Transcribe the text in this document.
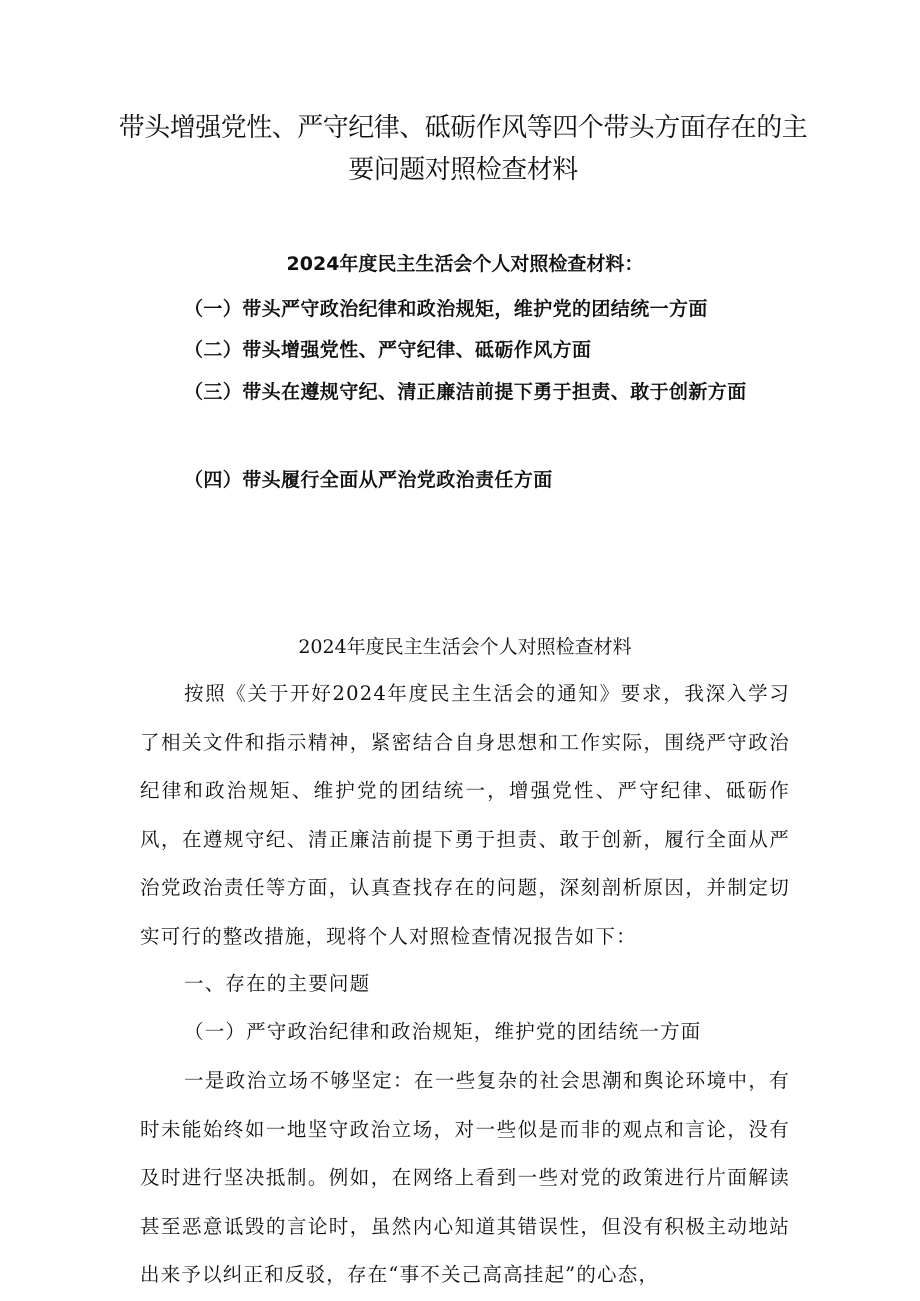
带头增强党性、严守纪律、砥砺作风等四个带头方面存在的主要问题对照检查材料
2024年度民主生活会个人对照检查材料：
（一）带头严守政治纪律和政治规矩，维护党的团结统一方面
（二）带头增强党性、严守纪律、砥砺作风方面
（三）带头在遵规守纪、清正廉洁前提下勇于担责、敢于创新方面
（四）带头履行全面从严治党政治责任方面
2024年度民主生活会个人对照检查材料
按照《关于开好2024年度民主生活会的通知》要求，我深入学习了相关文件和指示精神，紧密结合自身思想和工作实际，围绕严守政治纪律和政治规矩、维护党的团结统一，增强党性、严守纪律、砥砺作风，在遵规守纪、清正廉洁前提下勇于担责、敢于创新，履行全面从严治党政治责任等方面，认真查找存在的问题，深刻剖析原因，并制定切实可行的整改措施，现将个人对照检查情况报告如下：
一、存在的主要问题
（一）严守政治纪律和政治规矩，维护党的团结统一方面
一是政治立场不够坚定：在一些复杂的社会思潮和舆论环境中，有时未能始终如一地坚守政治立场，对一些似是而非的观点和言论，没有及时进行坚决抵制。例如，在网络上看到一些对党的政策进行片面解读甚至恶意诋毁的言论时，虽然内心知道其错误性，但没有积极主动地站出来予以纠正和反驳，存在“事不关己高高挂起”的心态，
